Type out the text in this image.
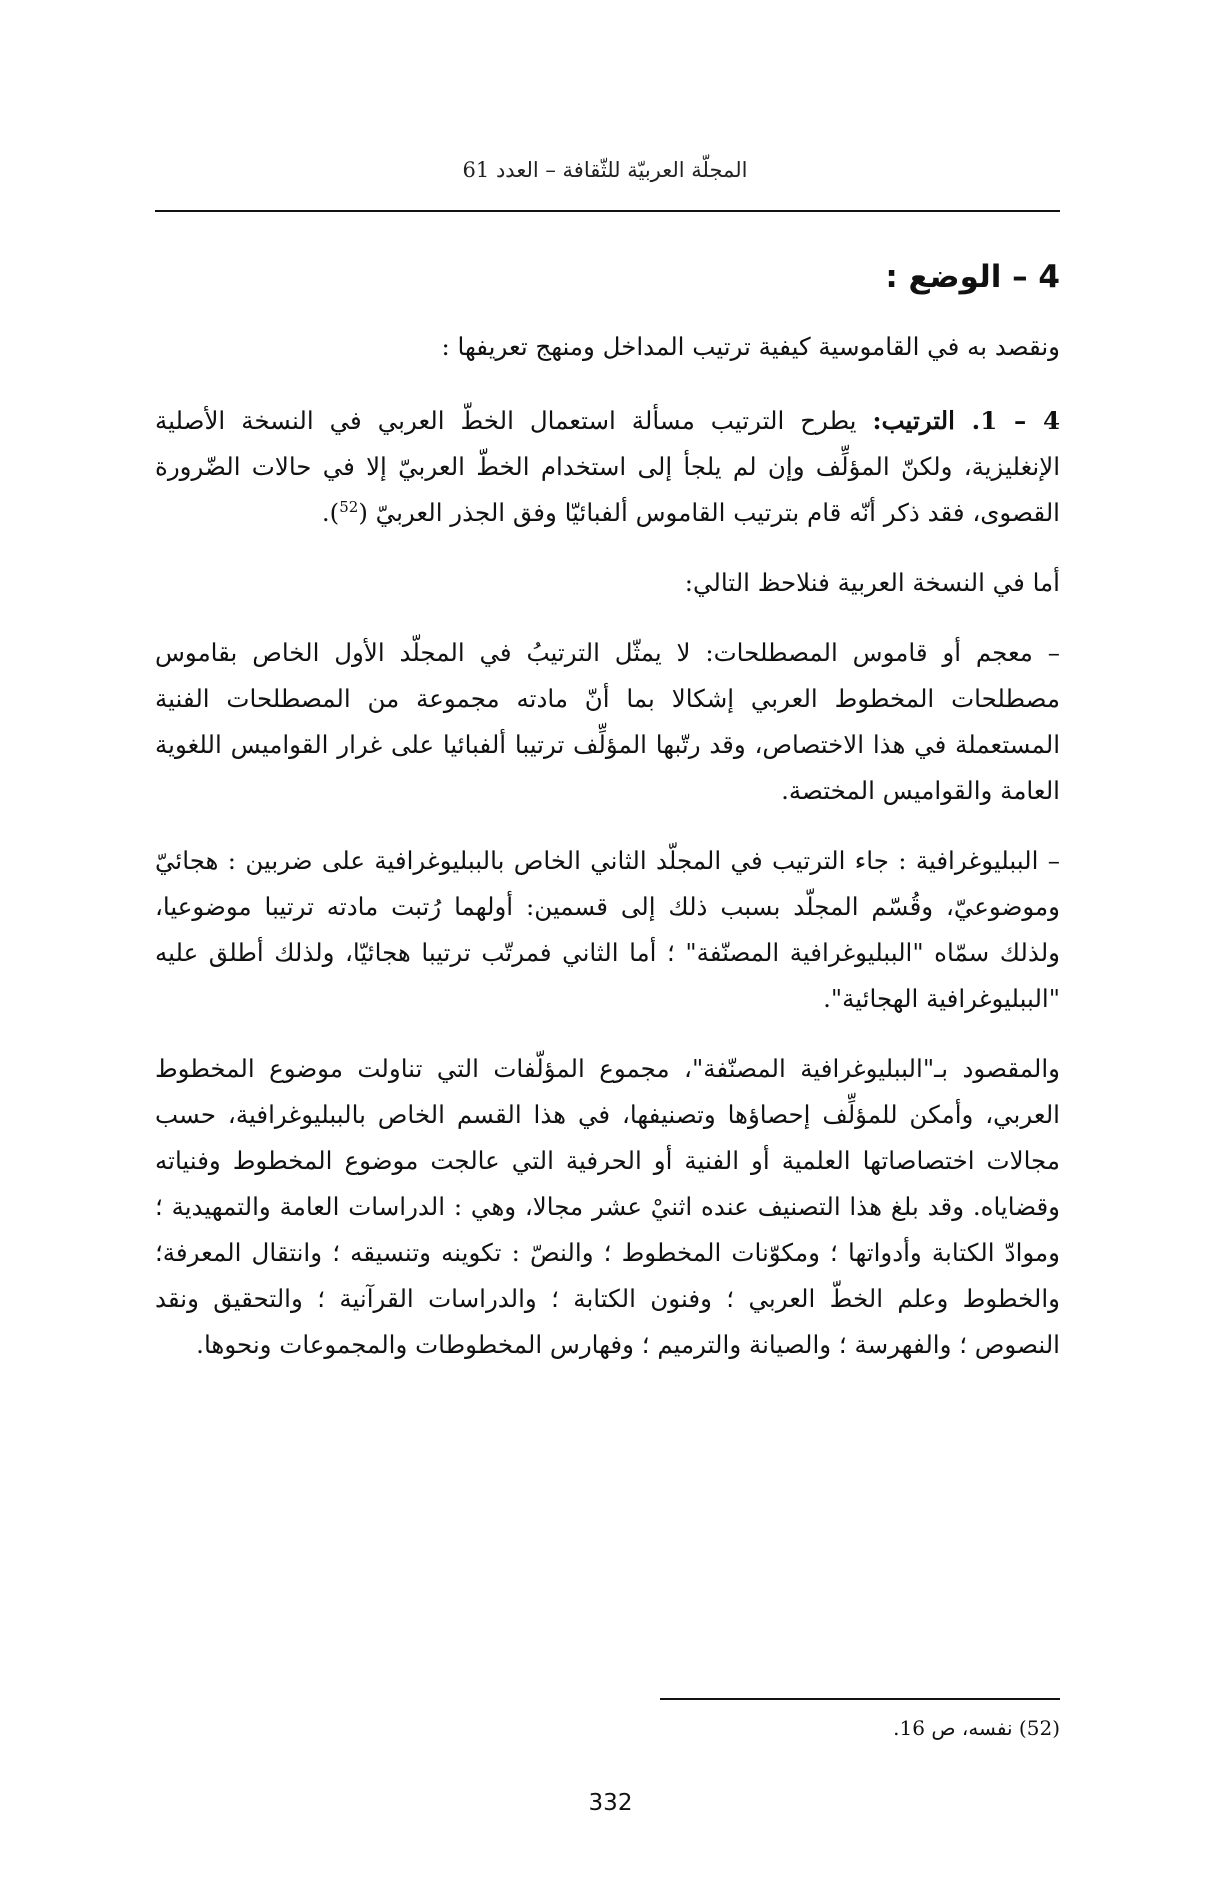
المجلّة العربيّة للثّقافة – العدد 61
4 – الوضع :

ونقصد به في القاموسية كيفية ترتيب المداخل ومنهج تعريفها :

4 – 1. الترتيب: يطرح الترتيب مسألة استعمال الخطّ العربي في النسخة الأصلية الإنغليزية، ولكنّ المؤلِّف وإن لم يلجأ إلى استخدام الخطّ العربيّ إلا في حالات الضّرورة القصوى، فقد ذكر أنّه قام بترتيب القاموس ألفبائيّا وفق الجذر العربيّ ($^{52}$).

أما في النسخة العربية فنلاحظ التالي:

– معجم أو قاموس المصطلحات: لا يمثّل الترتيبُ في المجلّد الأول الخاص بقاموس مصطلحات المخطوط العربي إشكالا بما أنّ مادته مجموعة من المصطلحات الفنية المستعملة في هذا الاختصاص، وقد رتّبها المؤلِّف ترتيبا ألفبائيا على غرار القواميس اللغوية العامة والقواميس المختصة.

– الببليوغرافية : جاء الترتيب في المجلّد الثاني الخاص بالببليوغرافية على ضربين : هجائيّ وموضوعيّ، وقُسّم المجلّد بسبب ذلك إلى قسمين: أولهما رُتبت مادته ترتيبا موضوعيا، ولذلك سمّاه "الببليوغرافية المصنّفة" ؛ أما الثاني فمرتّب ترتيبا هجائيّا، ولذلك أطلق عليه "الببليوغرافية الهجائية".

والمقصود بـ"الببليوغرافية المصنّفة"، مجموع المؤلّفات التي تناولت موضوع المخطوط العربي، وأمكن للمؤلِّف إحصاؤها وتصنيفها، في هذا القسم الخاص بالببليوغرافية، حسب مجالات اختصاصاتها العلمية أو الفنية أو الحرفية التي عالجت موضوع المخطوط وفنياته وقضاياه. وقد بلغ هذا التصنيف عنده اثنيْ عشر مجالا، وهي : الدراسات العامة والتمهيدية ؛ وموادّ الكتابة وأدواتها ؛ ومكوّنات المخطوط ؛ والنصّ : تكوينه وتنسيقه ؛ وانتقال المعرفة؛ والخطوط وعلم الخطّ العربي ؛ وفنون الكتابة ؛ والدراسات القرآنية ؛ والتحقيق ونقد النصوص ؛ والفهرسة ؛ والصيانة والترميم ؛ وفهارس المخطوطات والمجموعات ونحوها.

(52) نفسه، ص 16.
332
